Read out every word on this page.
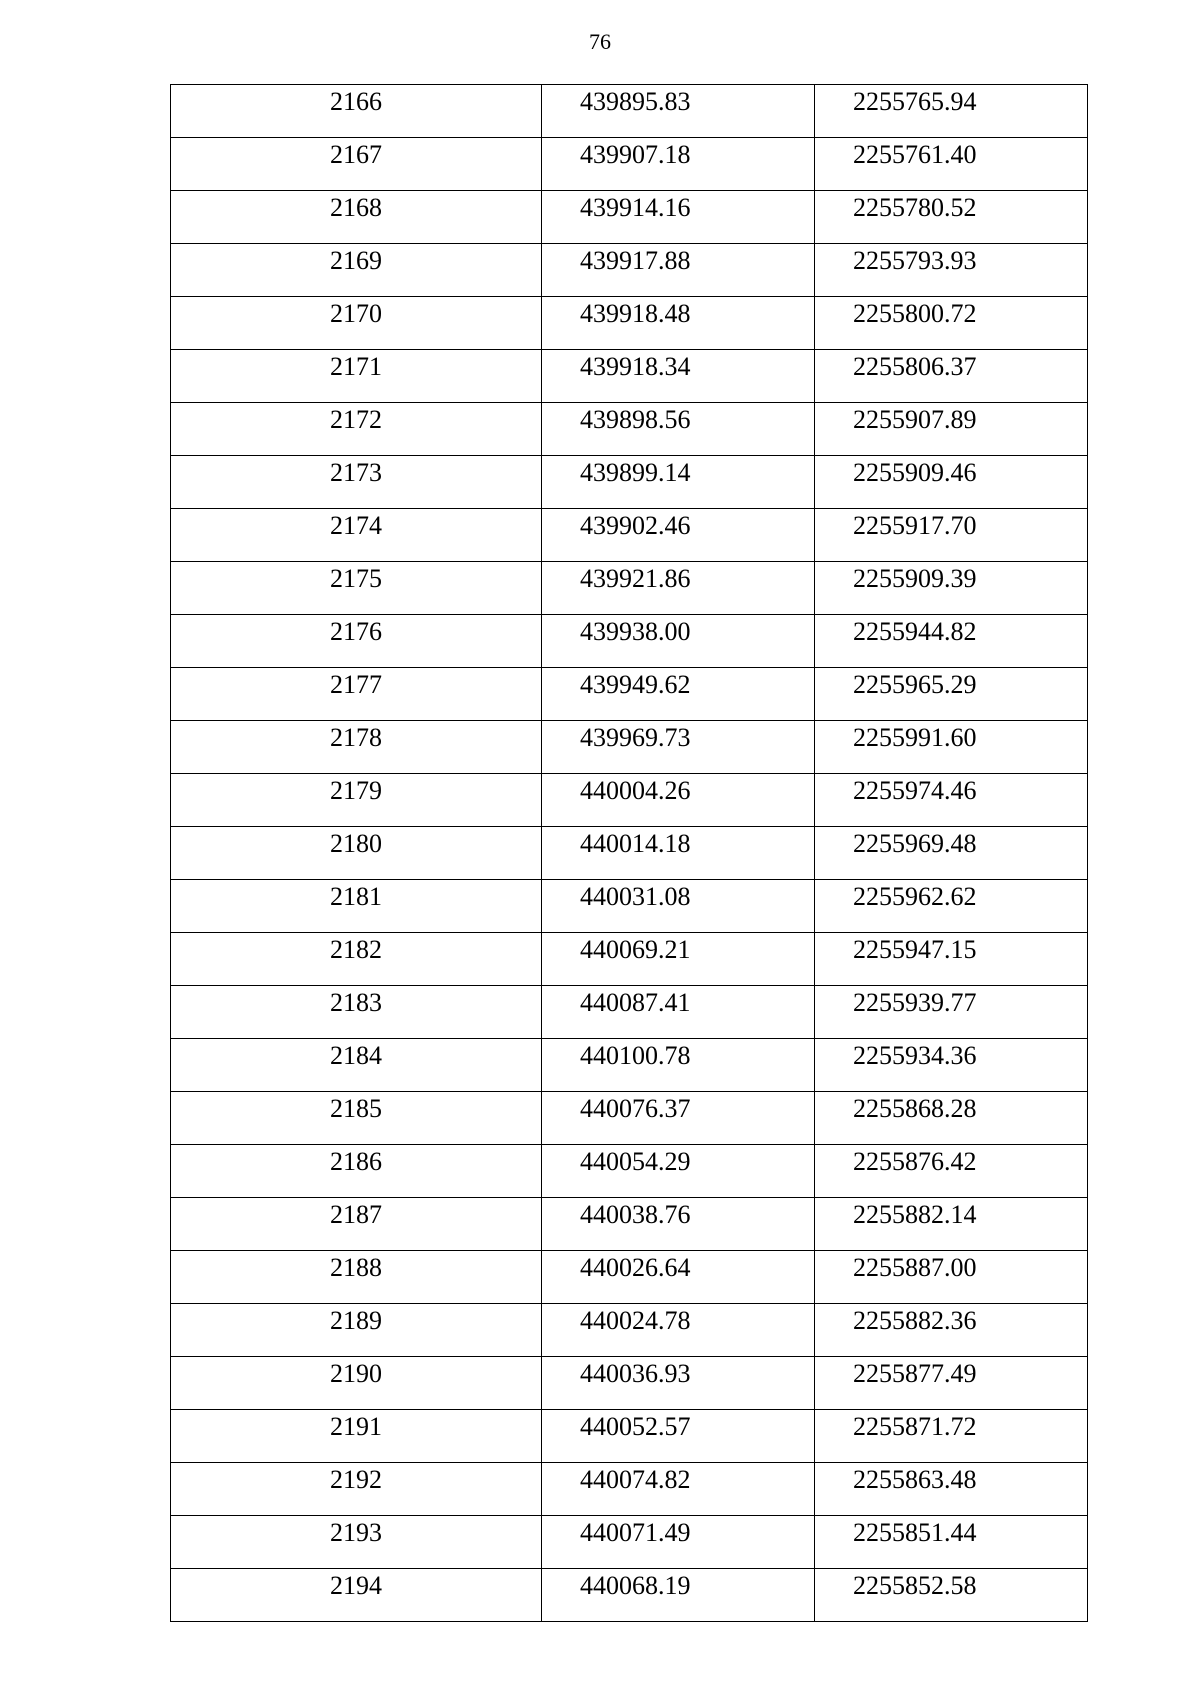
76
2166	439895.83	2255765.94
2167	439907.18	2255761.40
2168	439914.16	2255780.52
2169	439917.88	2255793.93
2170	439918.48	2255800.72
2171	439918.34	2255806.37
2172	439898.56	2255907.89
2173	439899.14	2255909.46
2174	439902.46	2255917.70
2175	439921.86	2255909.39
2176	439938.00	2255944.82
2177	439949.62	2255965.29
2178	439969.73	2255991.60
2179	440004.26	2255974.46
2180	440014.18	2255969.48
2181	440031.08	2255962.62
2182	440069.21	2255947.15
2183	440087.41	2255939.77
2184	440100.78	2255934.36
2185	440076.37	2255868.28
2186	440054.29	2255876.42
2187	440038.76	2255882.14
2188	440026.64	2255887.00
2189	440024.78	2255882.36
2190	440036.93	2255877.49
2191	440052.57	2255871.72
2192	440074.82	2255863.48
2193	440071.49	2255851.44
2194	440068.19	2255852.58
